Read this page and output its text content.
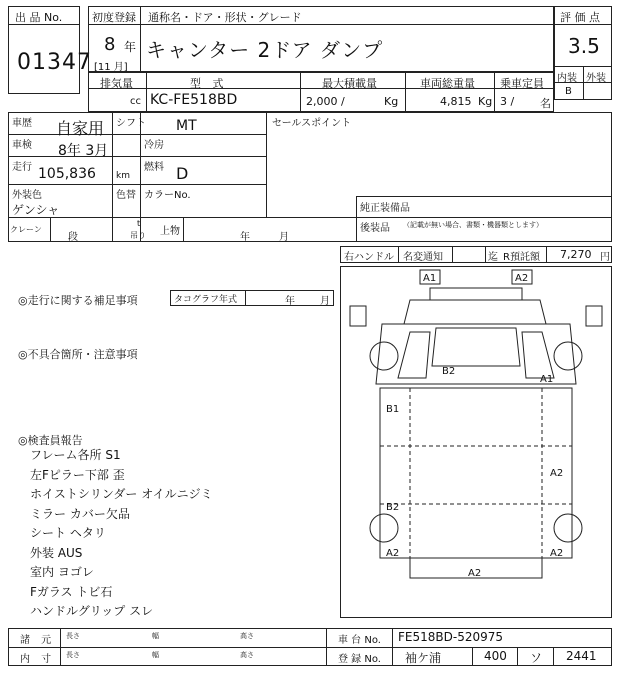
出 品 No.
01347
初度登録 通称名・ドア・形状・グレード
8 年
[11 月]
キャンター 2ドア ダンプ
評 価 点
3.5
内装 外装
B
排気量	型 式	最大積載量	車両総重量 乗車定員
cc KC-FE518BD	2,000 /	Kg	4,815 Kg 3 / 名
車歴 自家用 シフト MT
車検 8年 3月	冷房
走行 105,836 km
燃料 D
外装色
ゲンシャ
色替 カラーNo.
セールスポイント
純正装備品
後装品 （記載が無い場合、書類・機器類とします）
クレーン
段
t
吊り 上物
年	月
右ハンドル 名変通知	迄 R預託額 7,270 円
◎走行に関する補足事項	タコグラフ年式	年	月
◎不具合箇所・注意事項
◎検査員報告
フレーム各所 S1
左Fピラー下部 歪
ホイストシリンダー オイルニジミ
ミラー カバー欠品
シート ヘタリ
外装 AUS
室内 ヨゴレ
Fガラス トビ石
ハンドルグリップ スレ
A1	A2
B2
A1
B1
A2
B2
A2	A2
A2
諸 元
内 寸
長さ	幅	高さ
長さ	幅	高さ
車 台 No. FE518BD-520975
登 録 No. 袖ケ浦	400 ソ 2441
